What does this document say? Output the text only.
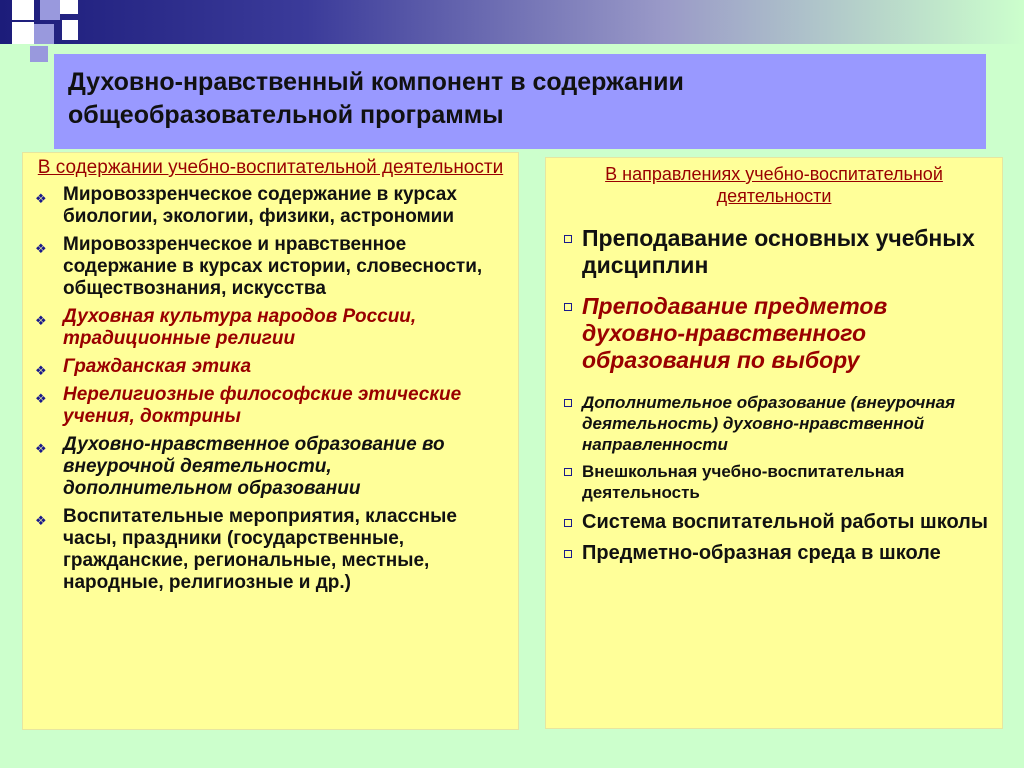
Духовно-нравственный компонент в содержании общеобразовательной программы
В содержании учебно-воспитательной деятельности
❖ Мировоззренческое содержание в курсах биологии, экологии, физики, астрономии
❖ Мировоззренческое и нравственное содержание в курсах истории, словесности, обществознания, искусства
❖ Духовная культура народов России, традиционные религии
❖ Гражданская этика
❖ Нерелигиозные философские этические учения, доктрины
❖ Духовно-нравственное образование во внеурочной деятельности, дополнительном образовании
❖ Воспитательные мероприятия, классные часы, праздники (государственные, гражданские, региональные, местные, народные, религиозные и др.)
В направлениях учебно-воспитательной деятельности
Преподавание основных учебных дисциплин
Преподавание предметов духовно-нравственного образования по выбору
Дополнительное образование (внеурочная деятельность) духовно-нравственной направленности
Внешкольная учебно-воспитательная деятельность
Система воспитательной работы школы
Предметно-образная среда в школе
